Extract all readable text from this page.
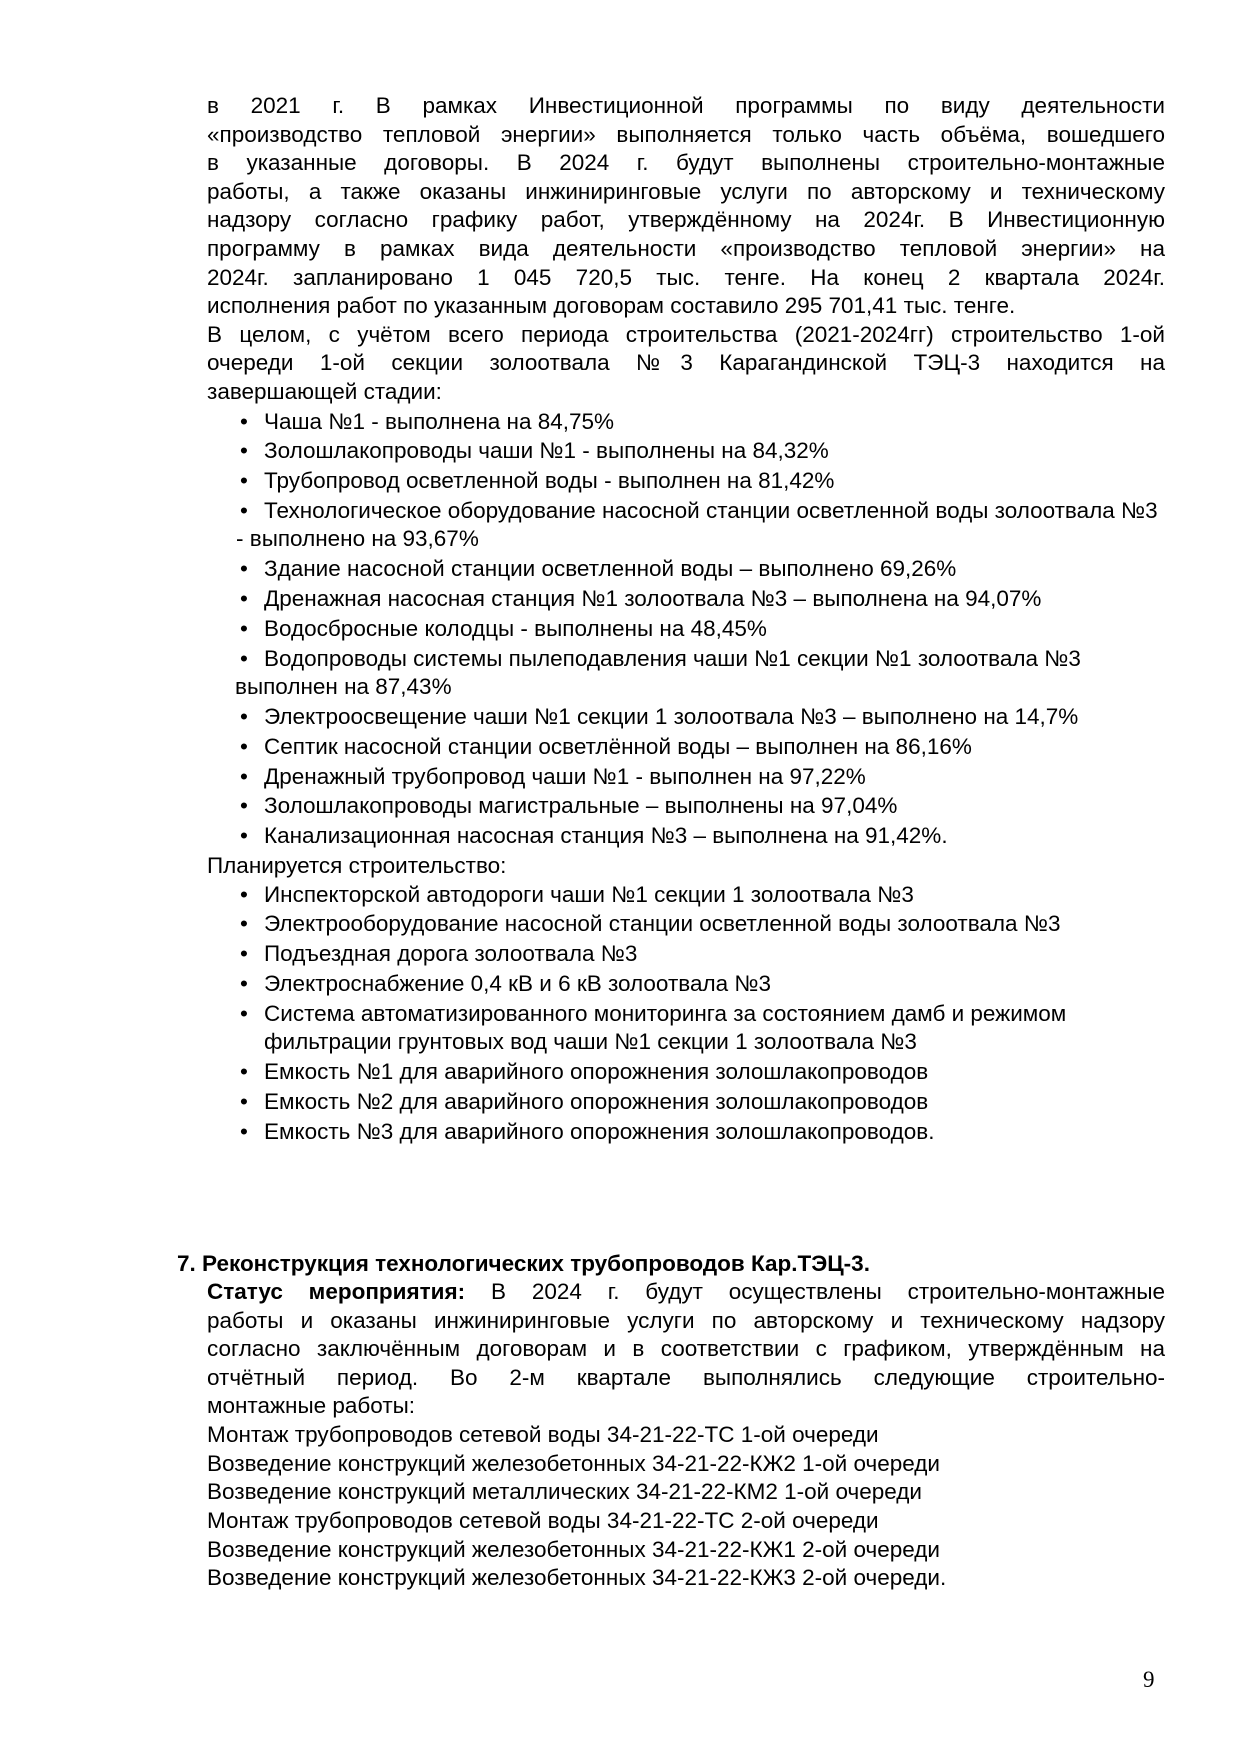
в 2021 г. В рамках Инвестиционной программы по виду деятельности
«производство тепловой энергии» выполняется только часть объёма, вошедшего
в указанные договоры. В 2024 г. будут выполнены строительно-монтажные
работы, а также оказаны инжиниринговые услуги по авторскому и техническому
надзору согласно графику работ, утверждённому на 2024г. В Инвестиционную
программу в рамках вида деятельности «производство тепловой энергии» на
2024г. запланировано 1 045 720,5 тыс. тенге. На конец 2 квартала 2024г.
исполнения работ по указанным договорам составило 295 701,41 тыс. тенге.
В целом, с учётом всего периода строительства (2021-2024гг) строительство 1-ой
очереди 1-ой секции золоотвала №3 Карагандинской ТЭЦ-3 находится на
завершающей стадии:
• Чаша №1 - выполнена на 84,75%
• Золошлакопроводы чаши №1 - выполнены на 84,32%
• Трубопровод осветленной воды - выполнен на 81,42%
• Технологическое оборудование насосной станции осветленной воды золоотвала №3 - выполнено на 93,67%
• Здание насосной станции осветленной воды – выполнено 69,26%
• Дренажная насосная станция №1 золоотвала №3 – выполнена на 94,07%
• Водосбросные колодцы - выполнены на 48,45%
• Водопроводы системы пылеподавления чаши №1 секции №1 золоотвала №3 выполнен на 87,43%
• Электроосвещение чаши №1 секции 1 золоотвала №3 – выполнено на 14,7%
• Септик насосной станции осветлённой воды – выполнен на 86,16%
• Дренажный трубопровод чаши №1 - выполнен на 97,22%
• Золошлакопроводы магистральные – выполнены на 97,04%
• Канализационная насосная станция №3 – выполнена на 91,42%.
Планируется строительство:
• Инспекторской автодороги чаши №1 секции 1 золоотвала №3
• Электрооборудование насосной станции осветленной воды золоотвала №3
• Подъездная дорога золоотвала №3
• Электроснабжение 0,4 кВ и 6 кВ золоотвала №3
• Система автоматизированного мониторинга за состоянием дамб и режимом фильтрации грунтовых вод чаши №1 секции 1 золоотвала №3
• Емкость №1 для аварийного опорожнения золошлакопроводов
• Емкость №2 для аварийного опорожнения золошлакопроводов
• Емкость №3 для аварийного опорожнения золошлакопроводов.
7. Реконструкция технологических трубопроводов Кар.ТЭЦ-3.
Статус мероприятия: В 2024 г. будут осуществлены строительно-монтажные
работы и оказаны инжиниринговые услуги по авторскому и техническому надзору
согласно заключённым договорам и в соответствии с графиком, утверждённым на
отчётный период. Во 2-м квартале выполнялись следующие строительно-
монтажные работы:
Монтаж трубопроводов сетевой воды 34-21-22-ТС 1-ой очереди
Возведение конструкций железобетонных 34-21-22-КЖ2 1-ой очереди
Возведение конструкций металлических 34-21-22-КМ2 1-ой очереди
Монтаж трубопроводов сетевой воды 34-21-22-ТС 2-ой очереди
Возведение конструкций железобетонных 34-21-22-КЖ1 2-ой очереди
Возведение конструкций железобетонных 34-21-22-КЖ3 2-ой очереди.
9
